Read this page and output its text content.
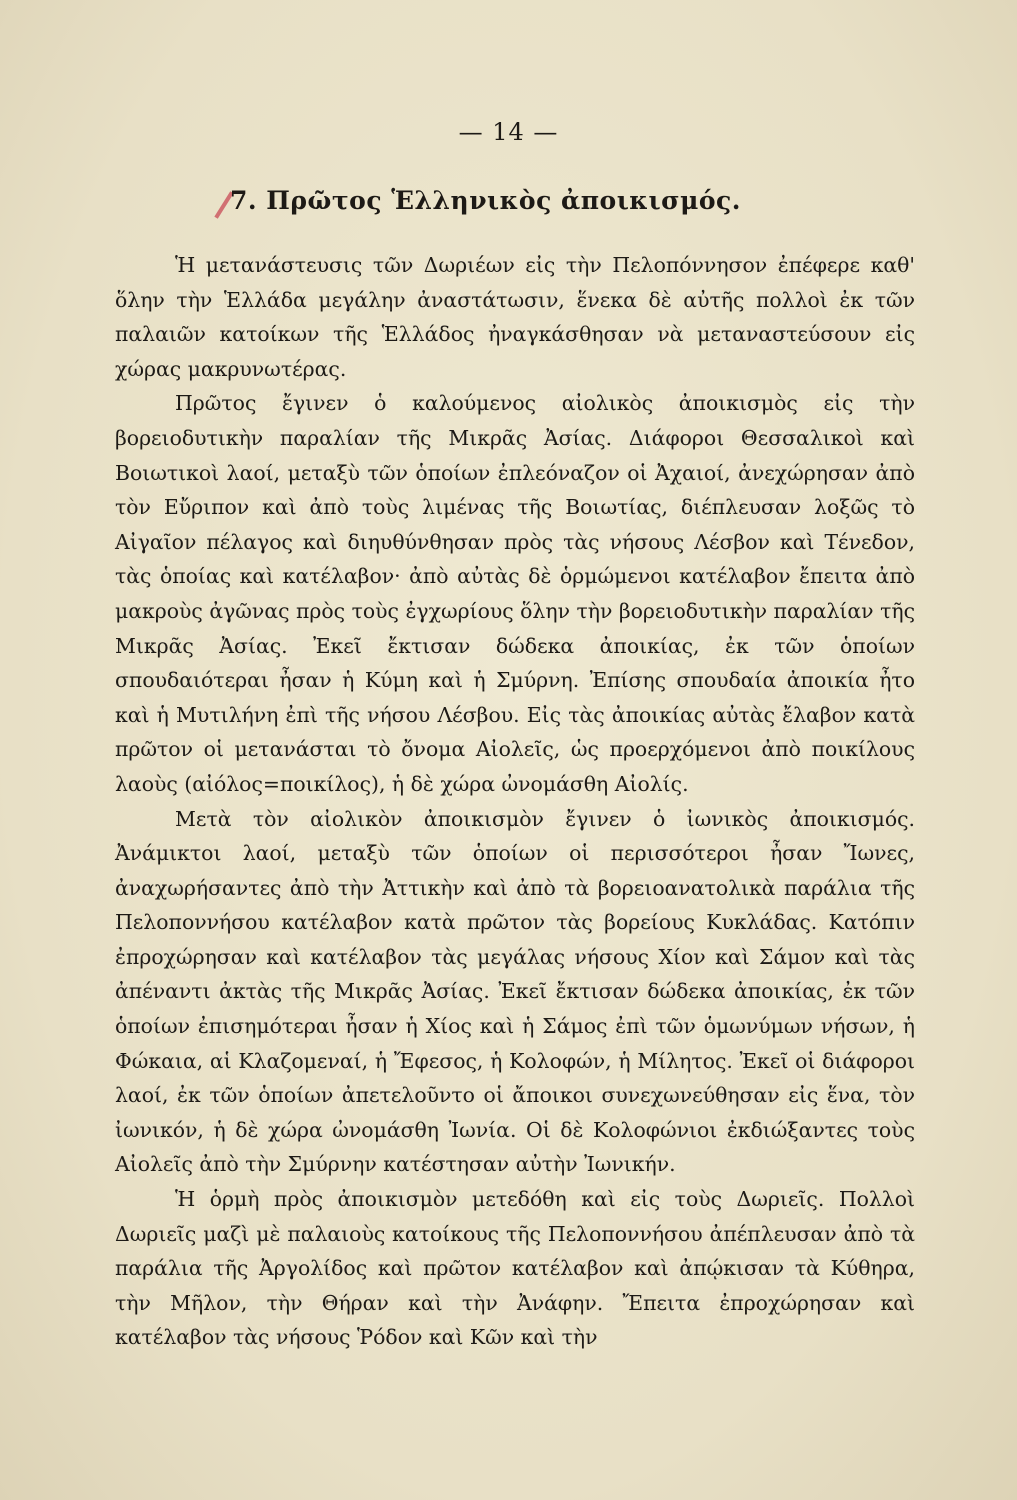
— 14 —
7. Πρῶτος Ἑλληνικὸς ἀποικισμός.

Ἡ μετανάστευσις τῶν Δωριέων εἰς τὴν Πελοπόννησον ἐπέφερε καθ' ὅλην τὴν Ἑλλάδα μεγάλην ἀναστάτωσιν, ἕνεκα δὲ αὐτῆς πολλοὶ ἐκ τῶν παλαιῶν κατοίκων τῆς Ἑλλάδος ἠναγκάσθησαν νὰ μεταναστεύσουν εἰς χώρας μακρυνωτέρας.

Πρῶτος ἔγινεν ὁ καλούμενος αἰολικὸς ἀποικισμὸς εἰς τὴν βορειοδυτικὴν παραλίαν τῆς Μικρᾶς Ἀσίας. Διάφοροι Θεσσαλικοὶ καὶ Βοιωτικοὶ λαοί, μεταξὺ τῶν ὁποίων ἐπλεόναζον οἱ Ἀχαιοί, ἀνεχώρησαν ἀπὸ τὸν Εὔριπον καὶ ἀπὸ τοὺς λιμένας τῆς Βοιωτίας, διέπλευσαν λοξῶς τὸ Αἰγαῖον πέλαγος καὶ διηυθύνθησαν πρὸς τὰς νήσους Λέσβον καὶ Τένεδον, τὰς ὁποίας καὶ κατέλαβον· ἀπὸ αὐτὰς δὲ ὁρμώμενοι κατέλαβον ἔπειτα ἀπὸ μακροὺς ἀγῶνας πρὸς τοὺς ἐγχωρίους ὅλην τὴν βορειοδυτικὴν παραλίαν τῆς Μικρᾶς Ἀσίας. Ἐκεῖ ἔκτισαν δώδεκα ἀποικίας, ἐκ τῶν ὁποίων σπουδαιότεραι ἦσαν ἡ Κύμη καὶ ἡ Σμύρνη. Ἐπίσης σπουδαία ἀποικία ἦτο καὶ ἡ Μυτιλήνη ἐπὶ τῆς νήσου Λέσβου. Εἰς τὰς ἀποικίας αὐτὰς ἔλαβον κατὰ πρῶτον οἱ μετανάσται τὸ ὄνομα Αἰολεῖς, ὡς προερχόμενοι ἀπὸ ποικίλους λαοὺς (αἰόλος=ποικίλος), ἡ δὲ χώρα ὠνομάσθη Αἰολίς.

Μετὰ τὸν αἰολικὸν ἀποικισμὸν ἔγινεν ὁ ἰωνικὸς ἀποικισμός. Ἀνάμικτοι λαοί, μεταξὺ τῶν ὁποίων οἱ περισσότεροι ἦσαν Ἴωνες, ἀναχωρήσαντες ἀπὸ τὴν Ἀττικὴν καὶ ἀπὸ τὰ βορειοανατολικὰ παράλια τῆς Πελοποννήσου κατέλαβον κατὰ πρῶτον τὰς βορείους Κυκλάδας. Κατόπιν ἐπροχώρησαν καὶ κατέλαβον τὰς μεγάλας νήσους Χίον καὶ Σάμον καὶ τὰς ἀπέναντι ἀκτὰς τῆς Μικρᾶς Ἀσίας. Ἐκεῖ ἔκτισαν δώδεκα ἀποικίας, ἐκ τῶν ὁποίων ἐπισημότεραι ἦσαν ἡ Χίος καὶ ἡ Σάμος ἐπὶ τῶν ὁμωνύμων νήσων, ἡ Φώκαια, αἱ Κλαζομεναί, ἡ Ἔφεσος, ἡ Κολοφών, ἡ Μίλητος. Ἐκεῖ οἱ διάφοροι λαοί, ἐκ τῶν ὁποίων ἀπετελοῦντο οἱ ἄποικοι συνεχωνεύθησαν εἰς ἕνα, τὸν ἰωνικόν, ἡ δὲ χώρα ὠνομάσθη Ἰωνία. Οἱ δὲ Κολοφώνιοι ἐκδιώξαντες τοὺς Αἰολεῖς ἀπὸ τὴν Σμύρνην κατέστησαν αὐτὴν Ἰωνικήν.

Ἡ ὁρμὴ πρὸς ἀποικισμὸν μετεδόθη καὶ εἰς τοὺς Δωριεῖς. Πολλοὶ Δωριεῖς μαζὶ μὲ παλαιοὺς κατοίκους τῆς Πελοποννήσου ἀπέπλευσαν ἀπὸ τὰ παράλια τῆς Ἀργολίδος καὶ πρῶτον κατέλαβον καὶ ἀπῴκισαν τὰ Κύθηρα, τὴν Μῆλον, τὴν Θήραν καὶ τὴν Ἀνάφην. Ἔπειτα ἐπροχώρησαν καὶ κατέλαβον τὰς νήσους Ῥόδον καὶ Κῶν καὶ τὴν
